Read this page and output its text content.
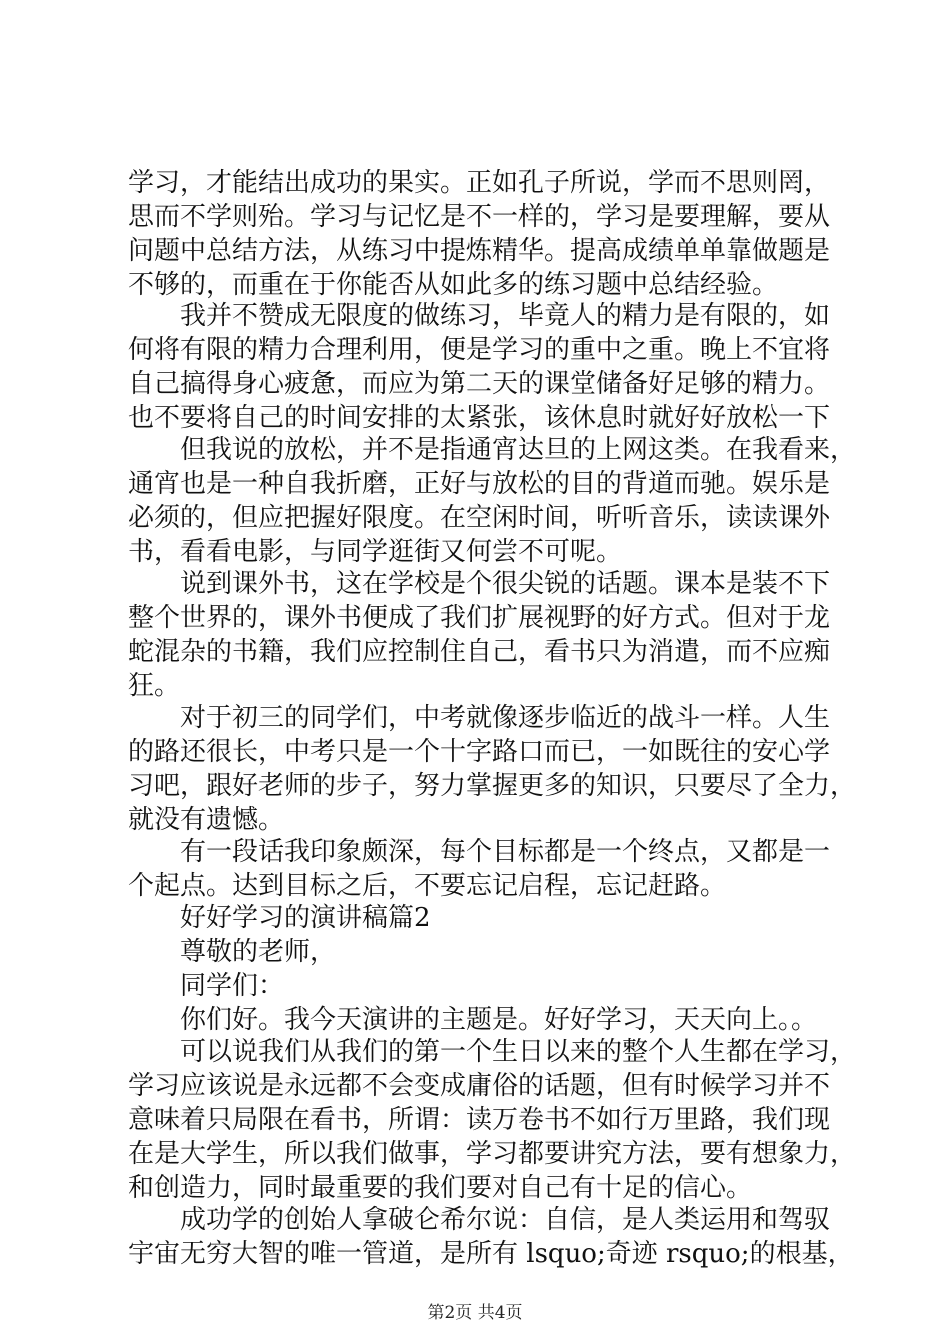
学习，才能结出成功的果实。正如孔子所说，学而不思则罔，
思而不学则殆。学习与记忆是不一样的，学习是要理解，要从
问题中总结方法，从练习中提炼精华。提高成绩单单靠做题是
不够的，而重在于你能否从如此多的练习题中总结经验。
我并不赞成无限度的做练习，毕竟人的精力是有限的，如
何将有限的精力合理利用，便是学习的重中之重。晚上不宜将
自己搞得身心疲惫，而应为第二天的课堂储备好足够的精力。
也不要将自己的时间安排的太紧张，该休息时就好好放松一下
但我说的放松，并不是指通宵达旦的上网这类。在我看来，
通宵也是一种自我折磨，正好与放松的目的背道而驰。娱乐是
必须的，但应把握好限度。在空闲时间，听听音乐，读读课外
书，看看电影，与同学逛街又何尝不可呢。
说到课外书，这在学校是个很尖锐的话题。课本是装不下
整个世界的，课外书便成了我们扩展视野的好方式。但对于龙
蛇混杂的书籍，我们应控制住自己，看书只为消遣，而不应痴
狂。
对于初三的同学们，中考就像逐步临近的战斗一样。人生
的路还很长，中考只是一个十字路口而已，一如既往的安心学
习吧，跟好老师的步子，努力掌握更多的知识，只要尽了全力，
就没有遗憾。
有一段话我印象颇深，每个目标都是一个终点，又都是一
个起点。达到目标之后，不要忘记启程，忘记赶路。
好好学习的演讲稿篇2
尊敬的老师，
同学们：
你们好。我今天演讲的主题是。好好学习，天天向上。。
可以说我们从我们的第一个生日以来的整个人生都在学习，
学习应该说是永远都不会变成庸俗的话题，但有时候学习并不
意味着只局限在看书，所谓：读万卷书不如行万里路，我们现
在是大学生，所以我们做事，学习都要讲究方法，要有想象力，
和创造力，同时最重要的我们要对自己有十足的信心。
成功学的创始人拿破仑希尔说：自信，是人类运用和驾驭
宇宙无穷大智的唯一管道，是所有 lsquo;奇迹 rsquo;的根基，
第2页 共4页
